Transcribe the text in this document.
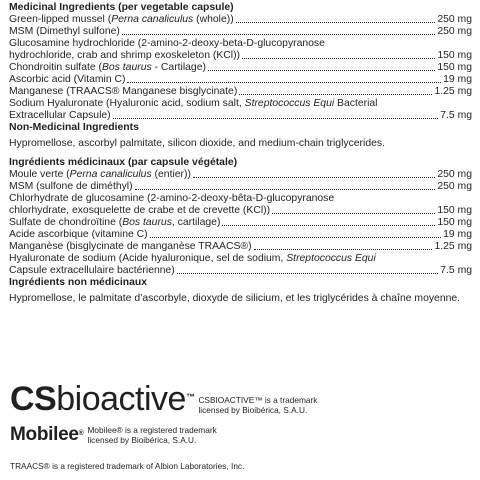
Medicinal Ingredients (per vegetable capsule)
Green-lipped mussel (Perna canaliculus (whole))	250 mg
MSM (Dimethyl sulfone)	250 mg
Glucosamine hydrochloride (2-amino-2-deoxy-beta-D-glucopyranose
hydrochloride, crab and shrimp exoskeleton (KCl))	150 mg
Chondroitin sulfate (Bos taurus - Cartilage)	150 mg
Ascorbic acid (Vitamin C)	19 mg
Manganese (TRAACS® Manganese bisglycinate)	1.25 mg
Sodium Hyaluronate (Hyaluronic acid, sodium salt, Streptococcus Equi Bacterial
Extracellular Capsule)	7.5 mg
Non-Medicinal Ingredients

Hypromellose, ascorbyl palmitate, silicon dioxide, and medium-chain triglycerides.

Ingrédients médicinaux (par capsule végétale)
Moule verte (Perna canaliculus (entier))	250 mg
MSM (sulfone de diméthyl)	250 mg
Chlorhydrate de glucosamine (2-amino-2-deoxy-bêta-D-glucopyranose
chlorhydrate, exosquelette de crabe et de crevette (KCl))	150 mg
Sulfate de chondroïtine (Bos taurus, cartilage)	150 mg
Acide ascorbique (vitamine C)	19 mg
Manganèse (bisglycinate de manganèse TRAACS®)	1.25 mg
Hyaluronate de sodium (Acide hyaluronique, sel de sodium, Streptococcus Equi
Capsule extracellulaire bactérienne)	7.5 mg
Ingrédients non médicinaux

Hypromellose, le palmitate d’ascorbyle, dioxyde de silicium, et les triglycérides à chaîne moyenne.

CSbioactive™ CSBIOACTIVE™ is a trademark licensed by Bioibérica, S.A.U.
Mobilee® Mobilee® is a registered trademark licensed by Bioibérica, S.A.U.
TRAACS® is a registered trademark of Albion Laboratories, Inc.
